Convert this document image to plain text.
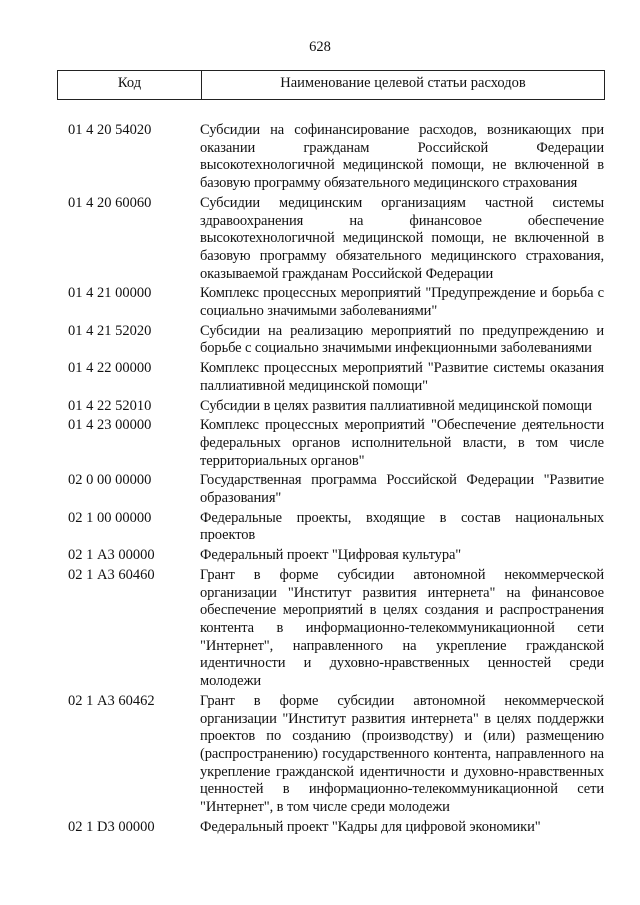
628
Код	Наименование целевой статьи расходов
01 4 20 54020	Субсидии на софинансирование расходов, возникающих при оказании гражданам Российской Федерации высокотехнологичной медицинской помощи, не включенной в базовую программу обязательного медицинского страхования
01 4 20 60060	Субсидии медицинским организациям частной системы здравоохранения на финансовое обеспечение высокотехнологичной медицинской помощи, не включенной в базовую программу обязательного медицинского страхования, оказываемой гражданам Российской Федерации
01 4 21 00000	Комплекс процессных мероприятий "Предупреждение и борьба с социально значимыми заболеваниями"
01 4 21 52020	Субсидии на реализацию мероприятий по предупреждению и борьбе с социально значимыми инфекционными заболеваниями
01 4 22 00000	Комплекс процессных мероприятий "Развитие системы оказания паллиативной медицинской помощи"
01 4 22 52010	Субсидии в целях развития паллиативной медицинской помощи
01 4 23 00000	Комплекс процессных мероприятий "Обеспечение деятельности федеральных органов исполнительной власти, в том числе территориальных органов"
02 0 00 00000	Государственная программа Российской Федерации "Развитие образования"
02 1 00 00000	Федеральные проекты, входящие в состав национальных проектов
02 1 А3 00000	Федеральный проект "Цифровая культура"
02 1 А3 60460	Грант в форме субсидии автономной некоммерческой организации "Институт развития интернета" на финансовое обеспечение мероприятий в целях создания и распространения контента в информационно-телекоммуникационной сети "Интернет", направленного на укрепление гражданской идентичности и духовно-нравственных ценностей среди молодежи
02 1 А3 60462	Грант в форме субсидии автономной некоммерческой организации "Институт развития интернета" в целях поддержки проектов по созданию (производству) и (или) размещению (распространению) государственного контента, направленного на укрепление гражданской идентичности и духовно-нравственных ценностей в информационно-телекоммуникационной сети "Интернет", в том числе среди молодежи
02 1 D3 00000	Федеральный проект "Кадры для цифровой экономики"
